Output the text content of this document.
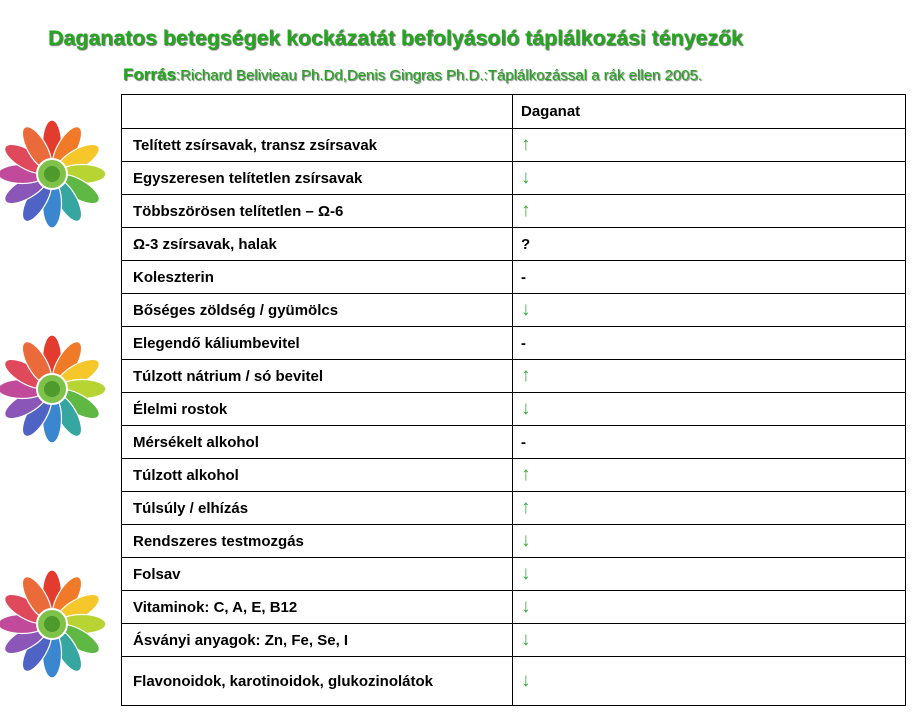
Daganatos betegségek kockázatát befolyásoló táplálkozási tényezők
Forrás:Richard Belivieau Ph.Dd,Denis Gingras Ph.D.:Táplálkozással a rák ellen 2005.
	Daganat
Telített zsírsavak, transz zsírsavak	↑
Egyszeresen telítetlen zsírsavak	↓
Többszörösen telítetlen – Ω-6	↑
Ω-3 zsírsavak, halak	?
Koleszterin	-
Bőséges zöldség / gyümölcs	↓
Elegendő káliumbevitel	-
Túlzott nátrium / só bevitel	↑
Élelmi rostok	↓
Mérsékelt alkohol	-
Túlzott alkohol	↑
Túlsúly / elhízás	↑
Rendszeres testmozgás	↓
Folsav	↓
Vitaminok: C, A, E, B12	↓
Ásványi anyagok: Zn, Fe, Se, I	↓
Flavonoidok, karotinoidok, glukozinolátok	↓
